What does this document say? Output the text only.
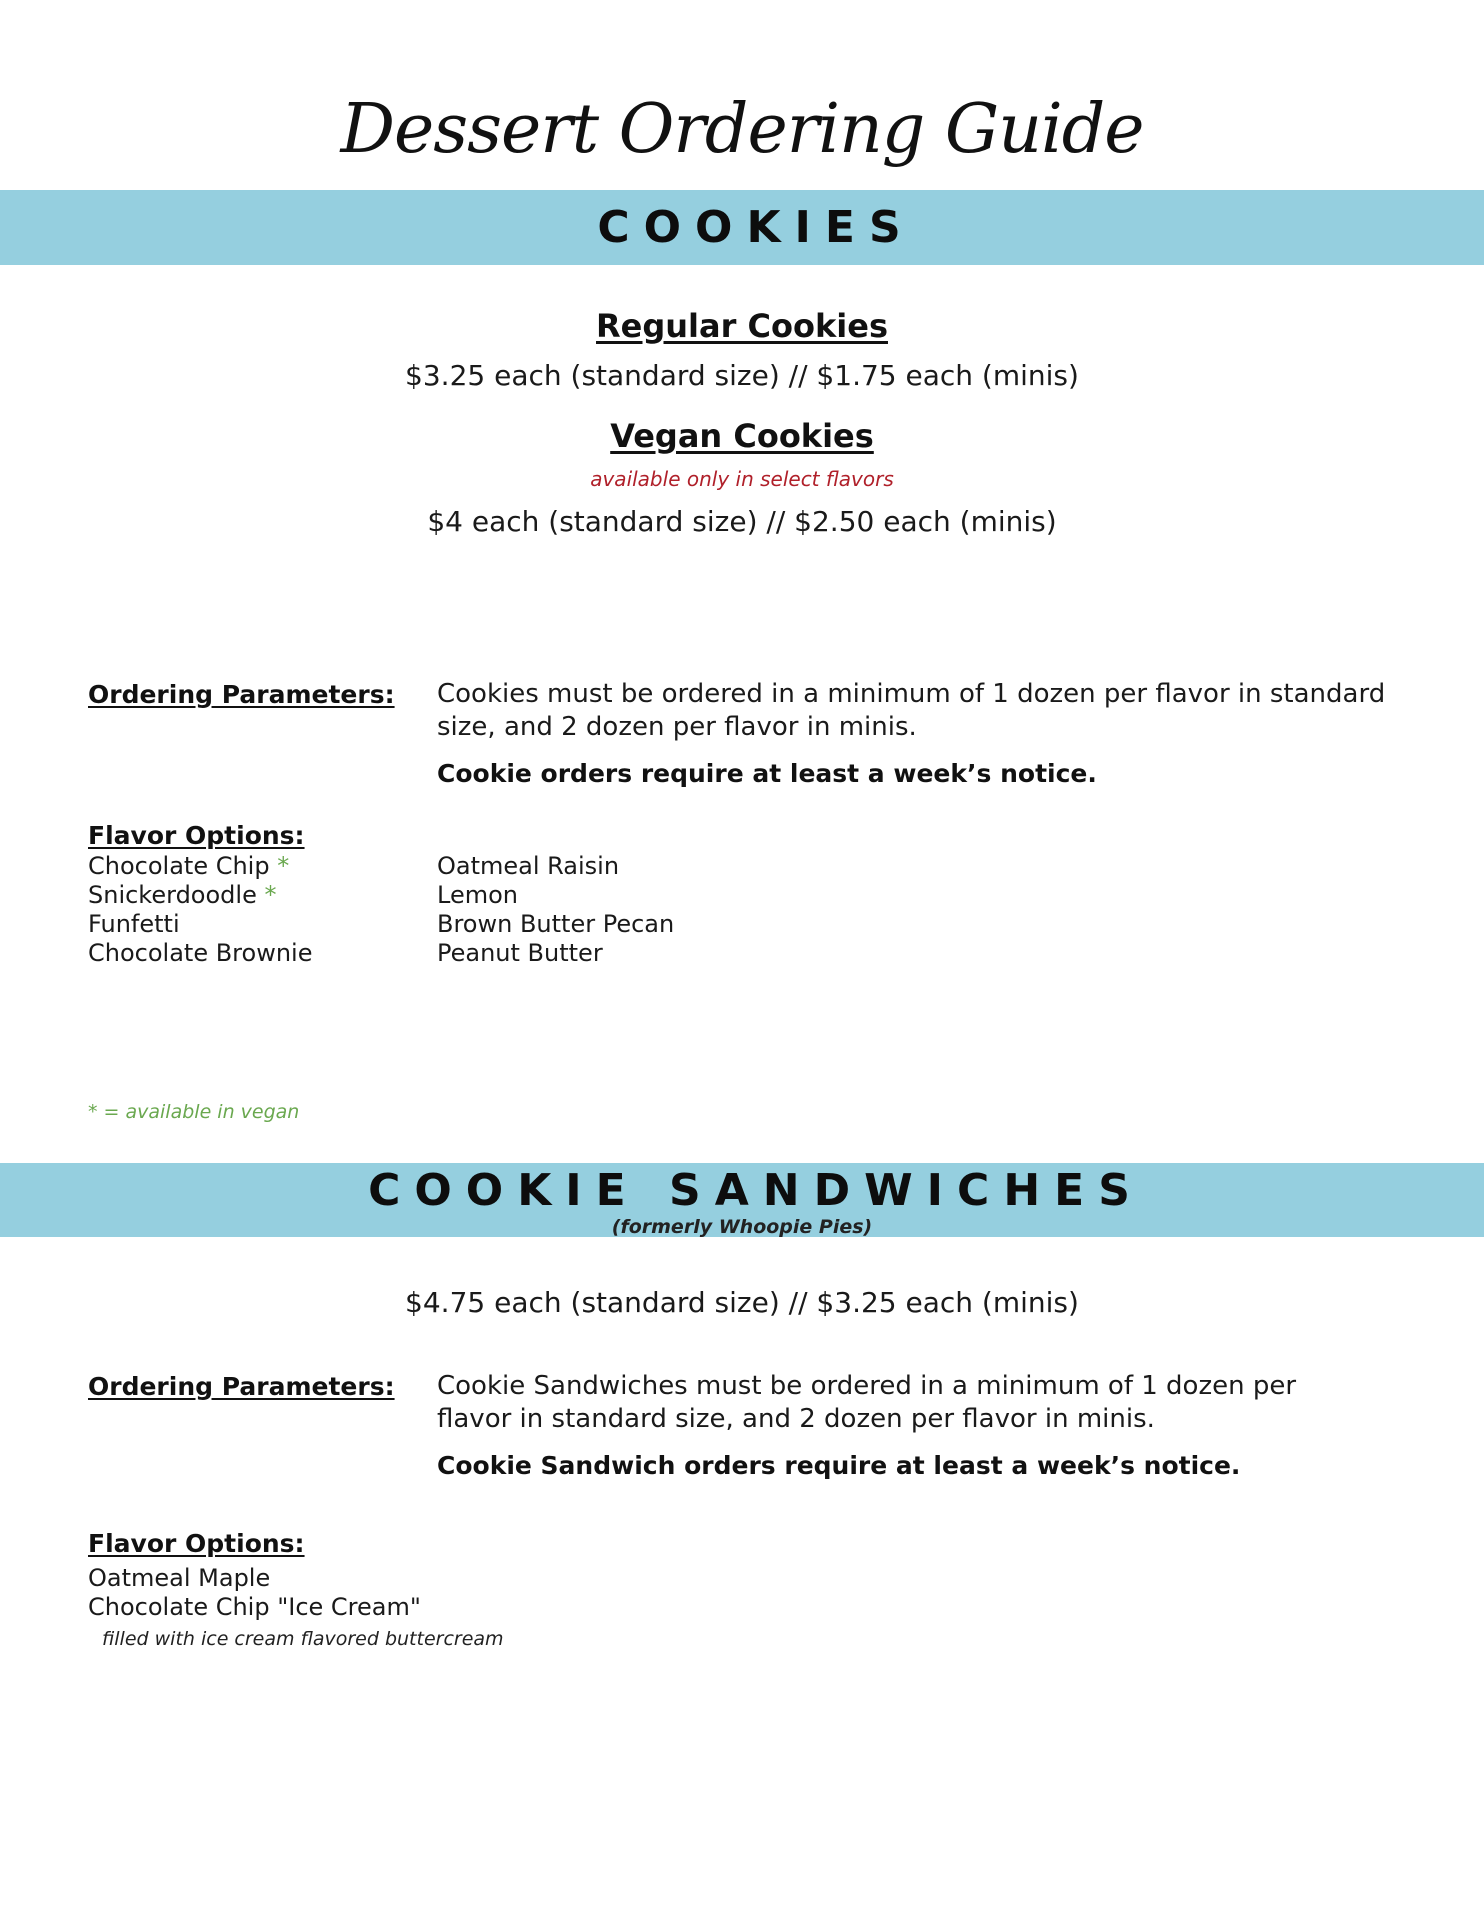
Dessert Ordering Guide
COOKIES
Regular Cookies
$3.25 each (standard size) // $1.75 each (minis)
Vegan Cookies
available only in select flavors
$4 each (standard size) // $2.50 each (minis)
Ordering Parameters: Cookies must be ordered in a minimum of 1 dozen per flavor in standard size, and 2 dozen per flavor in minis.
Cookie orders require at least a week’s notice.
Flavor Options:
Chocolate Chip *
Snickerdoodle *
Funfetti
Chocolate Brownie
Oatmeal Raisin
Lemon
Brown Butter Pecan
Peanut Butter
* = available in vegan
COOKIE SANDWICHES
(formerly Whoopie Pies)
$4.75 each (standard size) // $3.25 each (minis)
Ordering Parameters: Cookie Sandwiches must be ordered in a minimum of 1 dozen per flavor in standard size, and 2 dozen per flavor in minis.
Cookie Sandwich orders require at least a week’s notice.
Flavor Options:
Oatmeal Maple
Chocolate Chip "Ice Cream"
filled with ice cream flavored buttercream
